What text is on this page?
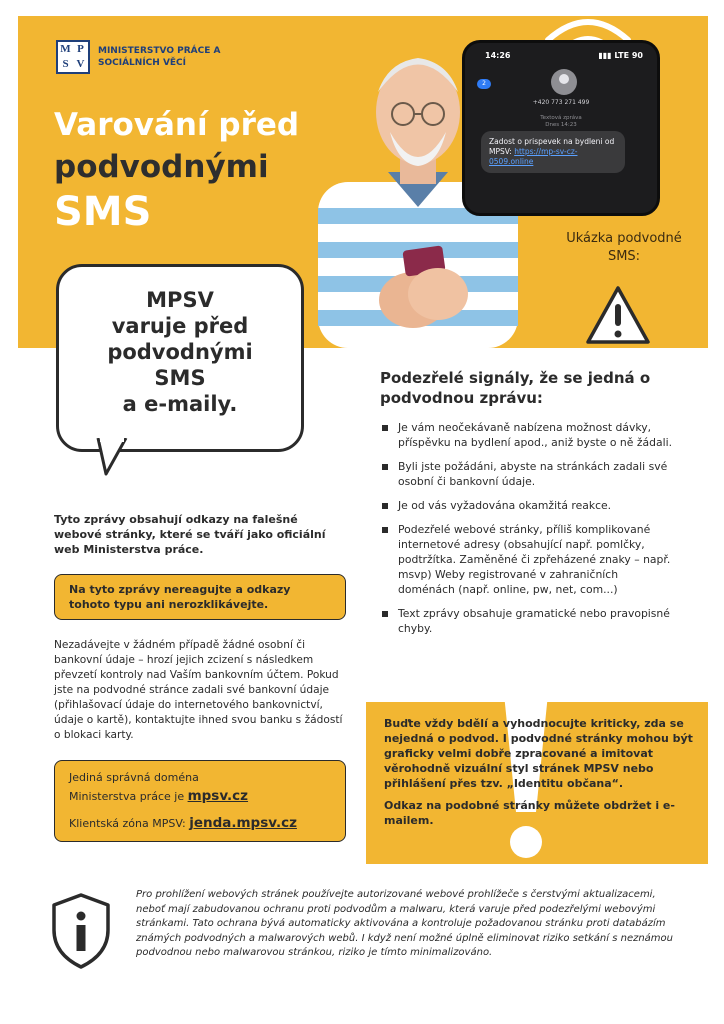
M P
S V
MINISTERSTVO PRÁCE A SOCIÁLNÍCH VĚCÍ
Varování před
podvodnými
SMS
Ukázka podvodné SMS:
14:26	▮▮▮ LTE 90
2
+420 773 271 499
Textová zpráva
Dnes 14:23
Zadost o prispevek na bydleni od MPSV: https://mp-sv-cz-0509.online
MPSV
varuje před
podvodnými
SMS
a e-maily.
Tyto zprávy obsahují odkazy na falešné webové stránky, které se tváří jako oficiální web Ministerstva práce.
Na tyto zprávy nereagujte a odkazy tohoto typu ani nerozklikávejte.
Nezadávejte v žádném případě žádné osobní či bankovní údaje – hrozí jejich zcizení s následkem převzetí kontroly nad Vaším bankovním účtem. Pokud jste na podvodné stránce zadali své bankovní údaje (přihlašovací údaje do internetového bankovnictví, údaje o kartě), kontaktujte ihned svou banku s žádostí o blokaci karty.
Jediná správná doména
Ministerstva práce je mpsv.cz
Klientská zóna MPSV: jenda.mpsv.cz
Podezřelé signály, že se jedná o podvodnou zprávu:
Je vám neočekávaně nabízena možnost dávky, příspěvku na bydlení apod., aniž byste o ně žádali.
Byli jste požádáni, abyste na stránkách zadali své osobní či bankovní údaje.
Je od vás vyžadována okamžitá reakce.
Podezřelé webové stránky, příliš komplikované internetové adresy (obsahující např. pomlčky, podtržítka. Zaměněné či zpřeházené znaky – např. msvp) Weby registrované v zahraničních doménách (např. online, pw, net, com...)
Text zprávy obsahuje gramatické nebo pravopisné chyby.
Buďte vždy bdělí a vyhodnocujte kriticky, zda se nejedná o podvod. I podvodné stránky mohou být graficky velmi dobře zpracované a imitovat věrohodně vizuální styl stránek MPSV nebo přihlášení přes tzv. „Identitu občana“.
Odkaz na podobné stránky můžete obdržet i e-mailem.
Pro prohlížení webových stránek používejte autorizované webové prohlížeče s čerstvými aktualizacemi, neboť mají zabudovanou ochranu proti podvodům a malwaru, která varuje před podezřelými webovými stránkami. Tato ochrana bývá automaticky aktivována a kontroluje požadovanou stránku proti databázím známých podvodných a malwarových webů. I když není možné úplně eliminovat riziko setkání s neznámou podvodnou nebo malwarovou stránkou, riziko je tímto minimalizováno.
